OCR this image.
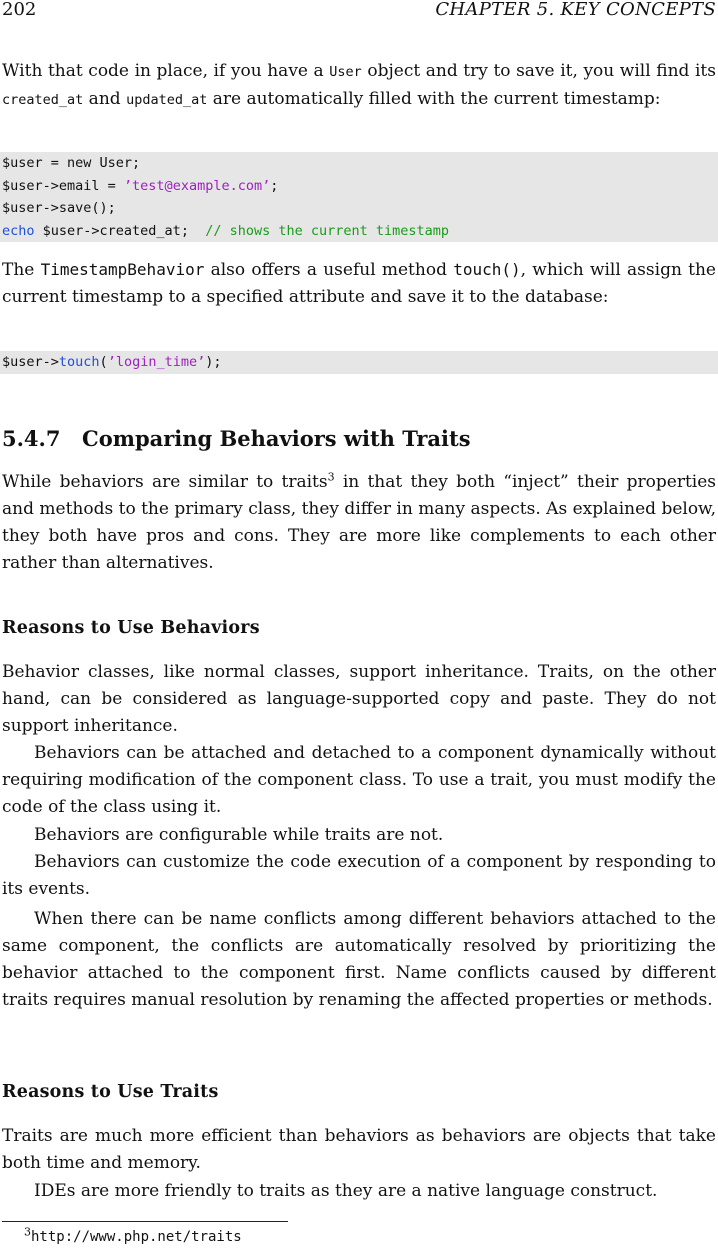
202	CHAPTER 5. KEY CONCEPTS

With that code in place, if you have a User object and try to save it, you will find its created_at and updated_at are automatically filled with the current timestamp:

$user = new User;
$user->email = ’test@example.com’;
$user->save();
echo $user->created_at;  // shows the current timestamp

The TimestampBehavior also offers a useful method touch(), which will assign the current timestamp to a specified attribute and save it to the database:

$user->touch(’login_time’);
5.4.7 Comparing Behaviors with Traits

While behaviors are similar to traits$^3$ in that they both “inject” their properties and methods to the primary class, they differ in many aspects. As explained below, they both have pros and cons. They are more like complements to each other rather than alternatives.

Reasons to Use Behaviors

Behavior classes, like normal classes, support inheritance. Traits, on the other hand, can be considered as language-supported copy and paste. They do not support inheritance.

Behaviors can be attached and detached to a component dynamically without requiring modification of the component class. To use a trait, you must modify the code of the class using it.

Behaviors are configurable while traits are not.

Behaviors can customize the code execution of a component by responding to its events.

When there can be name conflicts among different behaviors attached to the same component, the conflicts are automatically resolved by prioritizing the behavior attached to the component first. Name conflicts caused by different traits requires manual resolution by renaming the affected properties or methods.

Reasons to Use Traits

Traits are much more efficient than behaviors as behaviors are objects that take both time and memory.

IDEs are more friendly to traits as they are a native language construct.

$^3$http://www.php.net/traits
